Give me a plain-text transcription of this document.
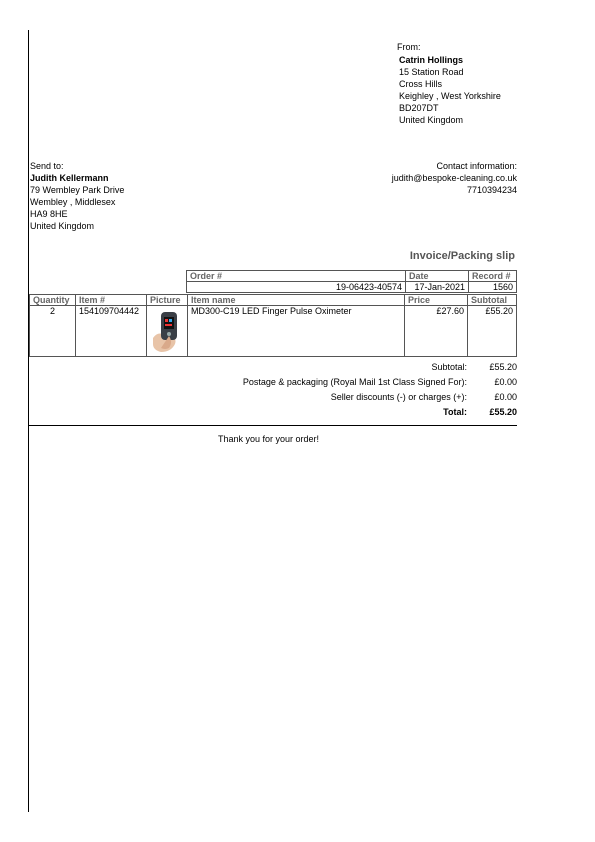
From:
Catrin Hollings
15 Station Road
Cross Hills
Keighley , West Yorkshire
BD207DT
United Kingdom
Send to:
Judith Kellermann
79 Wembley Park Drive
Wembley , Middlesex
HA9 8HE
United Kingdom
Contact information:
judith@bespoke-cleaning.co.uk
7710394234
Invoice/Packing slip
Order #	Date	Record #
19-06423-40574	17-Jan-2021	1560
Quantity	Item #	Picture	Item name	Price	Subtotal
2	154109704442		MD300-C19 LED Finger Pulse Oximeter	£27.60	£55.20
Subtotal:	£55.20
Postage & packaging (Royal Mail 1st Class Signed For):	£0.00
Seller discounts (-) or charges (+):	£0.00
Total:	£55.20
Thank you for your order!
